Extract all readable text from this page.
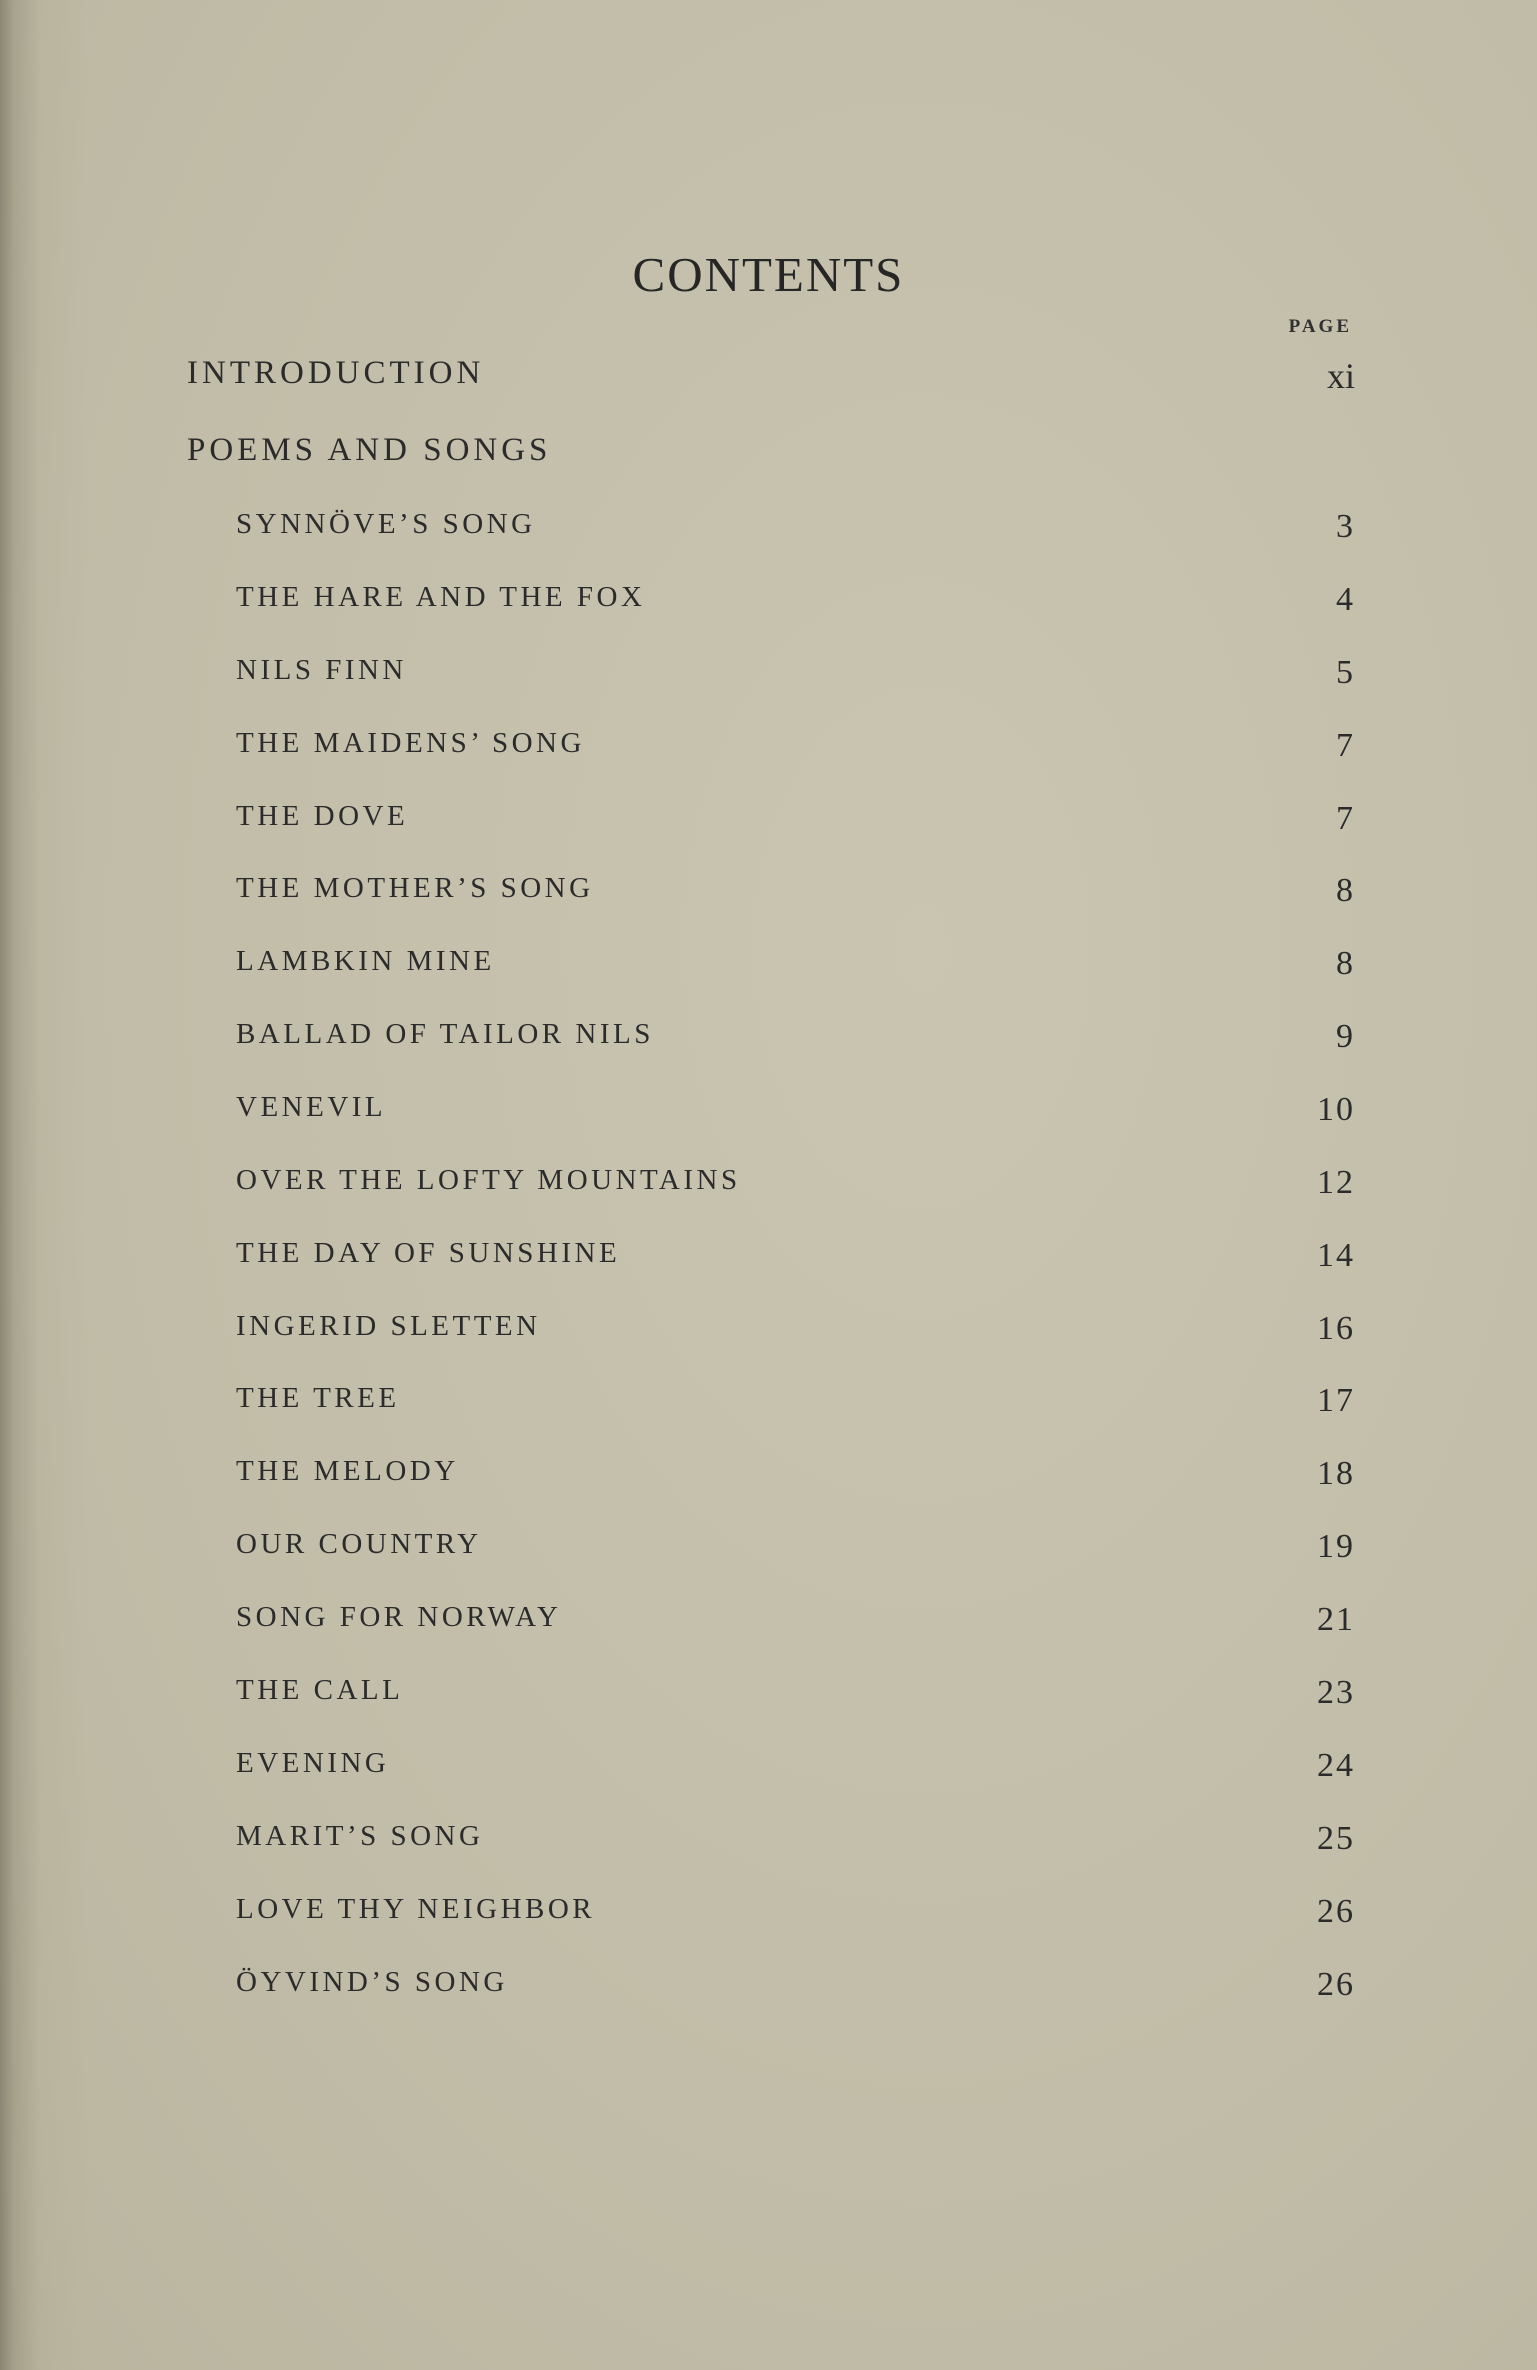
CONTENTS
PAGE
INTRODUCTION	xi
POEMS AND SONGS
SYNNÖVE’S SONG	3
THE HARE AND THE FOX	4
NILS FINN	5
THE MAIDENS’ SONG	7
THE DOVE	7
THE MOTHER’S SONG	8
LAMBKIN MINE	8
BALLAD OF TAILOR NILS	9
VENEVIL	10
OVER THE LOFTY MOUNTAINS	12
THE DAY OF SUNSHINE	14
INGERID SLETTEN	16
THE TREE	17
THE MELODY	18
OUR COUNTRY	19
SONG FOR NORWAY	21
THE CALL	23
EVENING	24
MARIT’S SONG	25
LOVE THY NEIGHBOR	26
ÖYVIND’S SONG	26
